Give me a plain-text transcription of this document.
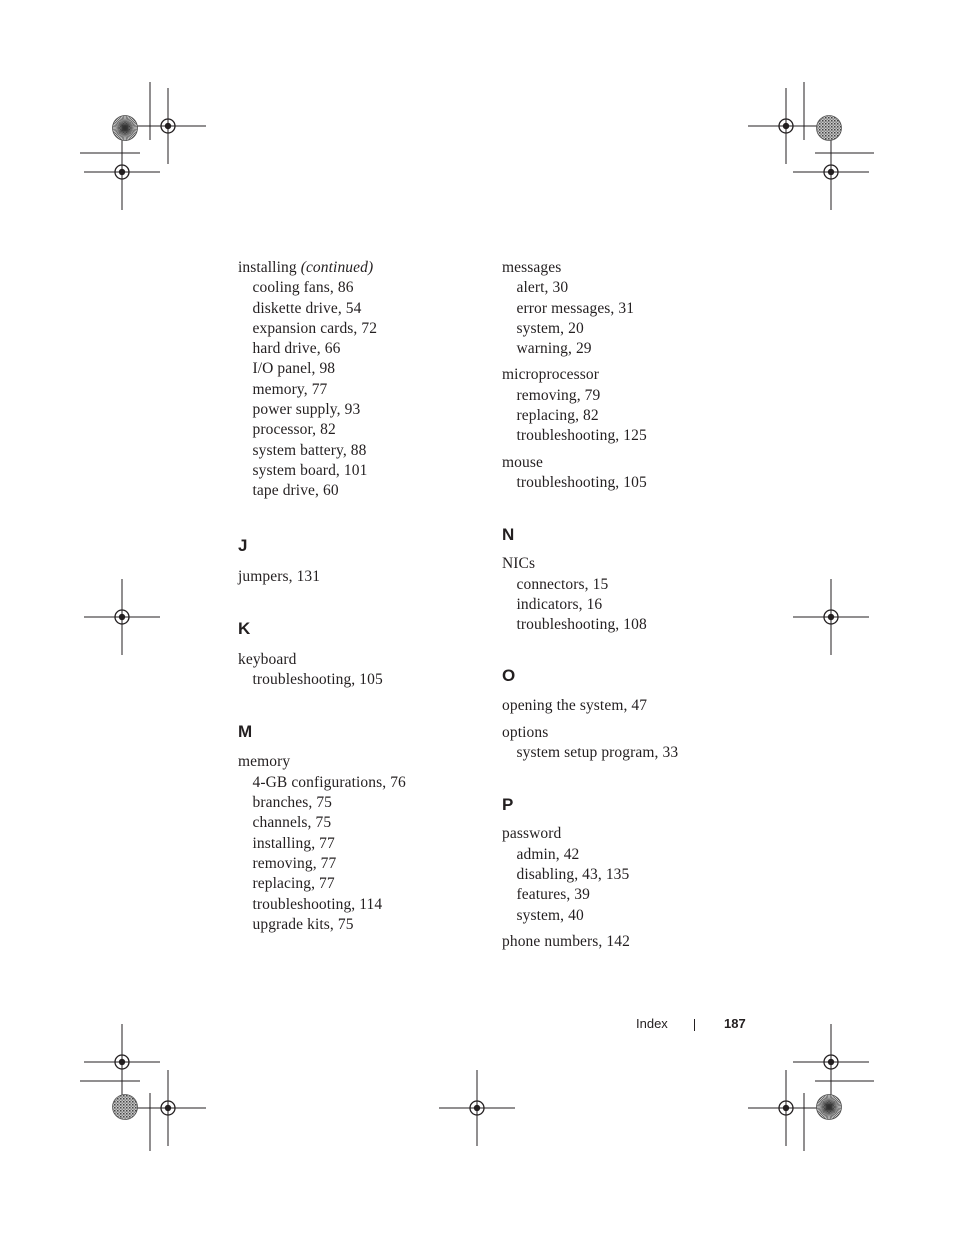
installing (continued)
cooling fans, 86
diskette drive, 54
expansion cards, 72
hard drive, 66
I/O panel, 98
memory, 77
power supply, 93
processor, 82
system battery, 88
system board, 101
tape drive, 60
J
jumpers, 131
K
keyboard
troubleshooting, 105
M
memory
4-GB configurations, 76
branches, 75
channels, 75
installing, 77
removing, 77
replacing, 77
troubleshooting, 114
upgrade kits, 75
messages
alert, 30
error messages, 31
system, 20
warning, 29
microprocessor
removing, 79
replacing, 82
troubleshooting, 125
mouse
troubleshooting, 105
N
NICs
connectors, 15
indicators, 16
troubleshooting, 108
O
opening the system, 47
options
system setup program, 33
P
password
admin, 42
disabling, 43, 135
features, 39
system, 40
phone numbers, 142
Index	187
